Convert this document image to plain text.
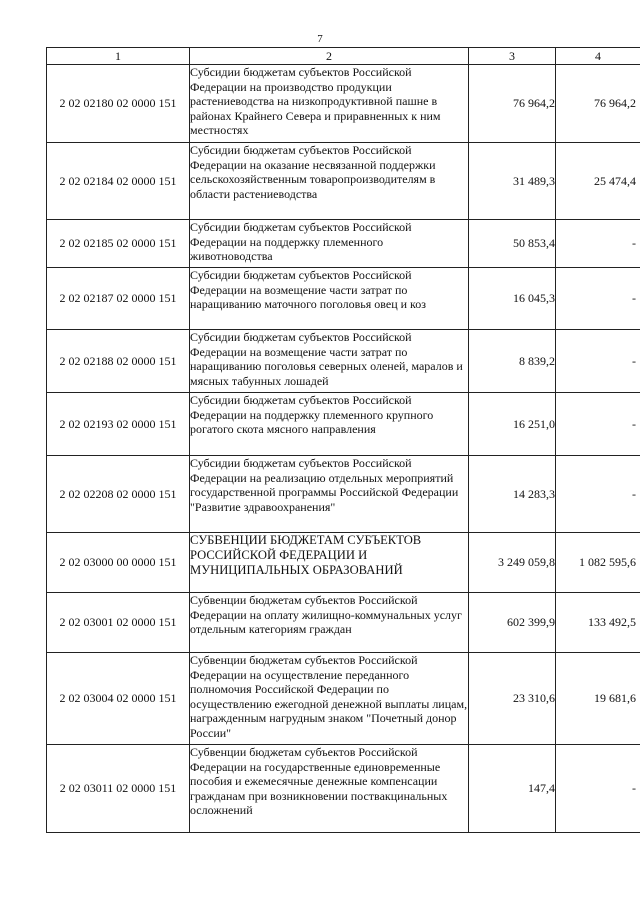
7
1	2	3	4
2 02 02180 02 0000 151	Субсидии бюджетам субъектов Российской Федерации на производство продукции растениеводства на низкопродуктивной пашне в районах Крайнего Севера и приравненных к ним местностях	76 964,2	76 964,2
2 02 02184 02 0000 151	Субсидии бюджетам субъектов Российской Федерации на оказание несвязанной поддержки сельскохозяйственным товаропроизводителям в области растениеводства	31 489,3	25 474,4
2 02 02185 02 0000 151	Субсидии бюджетам субъектов Российской Федерации на поддержку племенного животноводства	50 853,4	-
2 02 02187 02 0000 151	Субсидии бюджетам субъектов Российской Федерации на возмещение части затрат по наращиванию маточного поголовья овец и коз	16 045,3	-
2 02 02188 02 0000 151	Субсидии бюджетам субъектов Российской Федерации на возмещение части затрат по наращиванию поголовья северных оленей, маралов и мясных табунных лошадей	8 839,2	-
2 02 02193 02 0000 151	Субсидии бюджетам субъектов Российской Федерации на поддержку племенного крупного рогатого скота мясного направления	16 251,0	-
2 02 02208 02 0000 151	Субсидии бюджетам субъектов Российской Федерации на реализацию отдельных мероприятий государственной программы Российской Федерации "Развитие здравоохранения"	14 283,3	-
2 02 03000 00 0000 151	СУБВЕНЦИИ БЮДЖЕТАМ СУБЪЕКТОВ РОССИЙСКОЙ ФЕДЕРАЦИИ И МУНИЦИПАЛЬНЫХ ОБРАЗОВАНИЙ	3 249 059,8	1 082 595,6
2 02 03001 02 0000 151	Субвенции бюджетам субъектов Российской Федерации на оплату жилищно-коммунальных услуг отдельным категориям граждан	602 399,9	133 492,5
2 02 03004 02 0000 151	Субвенции бюджетам субъектов Российской Федерации на осуществление переданного полномочия Российской Федерации по осуществлению ежегодной денежной выплаты лицам, награжденным нагрудным знаком "Почетный донор России"	23 310,6	19 681,6
2 02 03011 02 0000 151	Субвенции бюджетам субъектов Российской Федерации на государственные единовременные пособия и ежемесячные денежные компенсации гражданам при возникновении поствакцинальных осложнений	147,4	-
